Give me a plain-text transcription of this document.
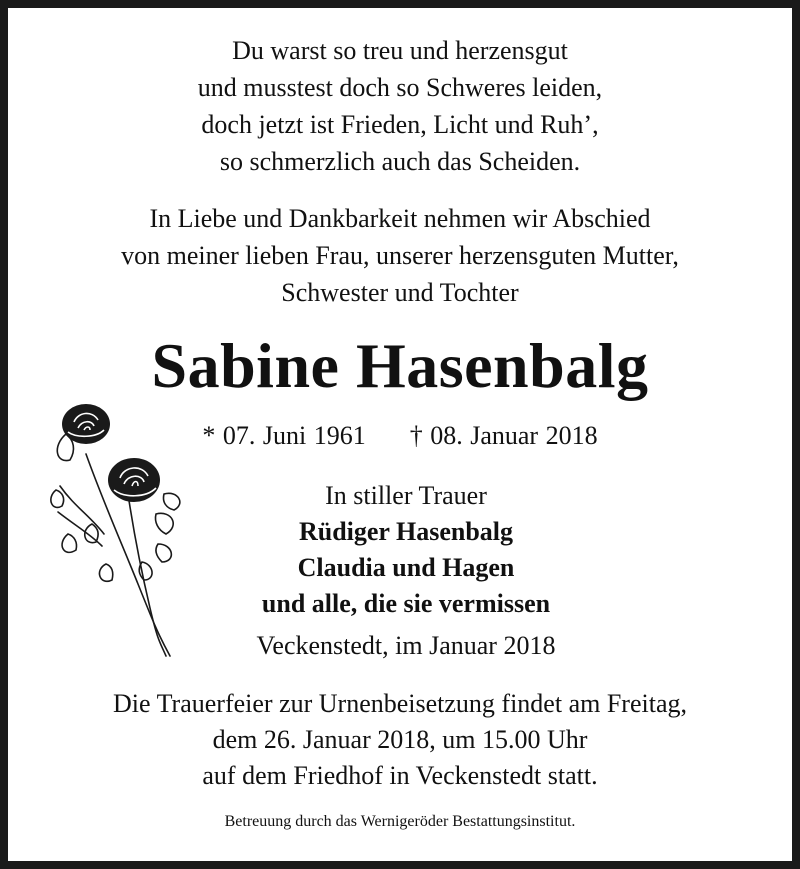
Du warst so treu und herzensgut
und musstest doch so Schweres leiden,
doch jetzt ist Frieden, Licht und Ruh’,
so schmerzlich auch das Scheiden.
In Liebe und Dankbarkeit nehmen wir Abschied
von meiner lieben Frau, unserer herzensguten Mutter,
Schwester und Tochter
Sabine Hasenbalg
* 07. Juni 1961 † 08. Januar 2018
In stiller Trauer
Rüdiger Hasenbalg
Claudia und Hagen
und alle, die sie vermissen
Veckenstedt, im Januar 2018
Die Trauerfeier zur Urnenbeisetzung findet am Freitag,
dem 26. Januar 2018, um 15.00 Uhr
auf dem Friedhof in Veckenstedt statt.
Betreuung durch das Wernigeröder Bestattungsinstitut.
